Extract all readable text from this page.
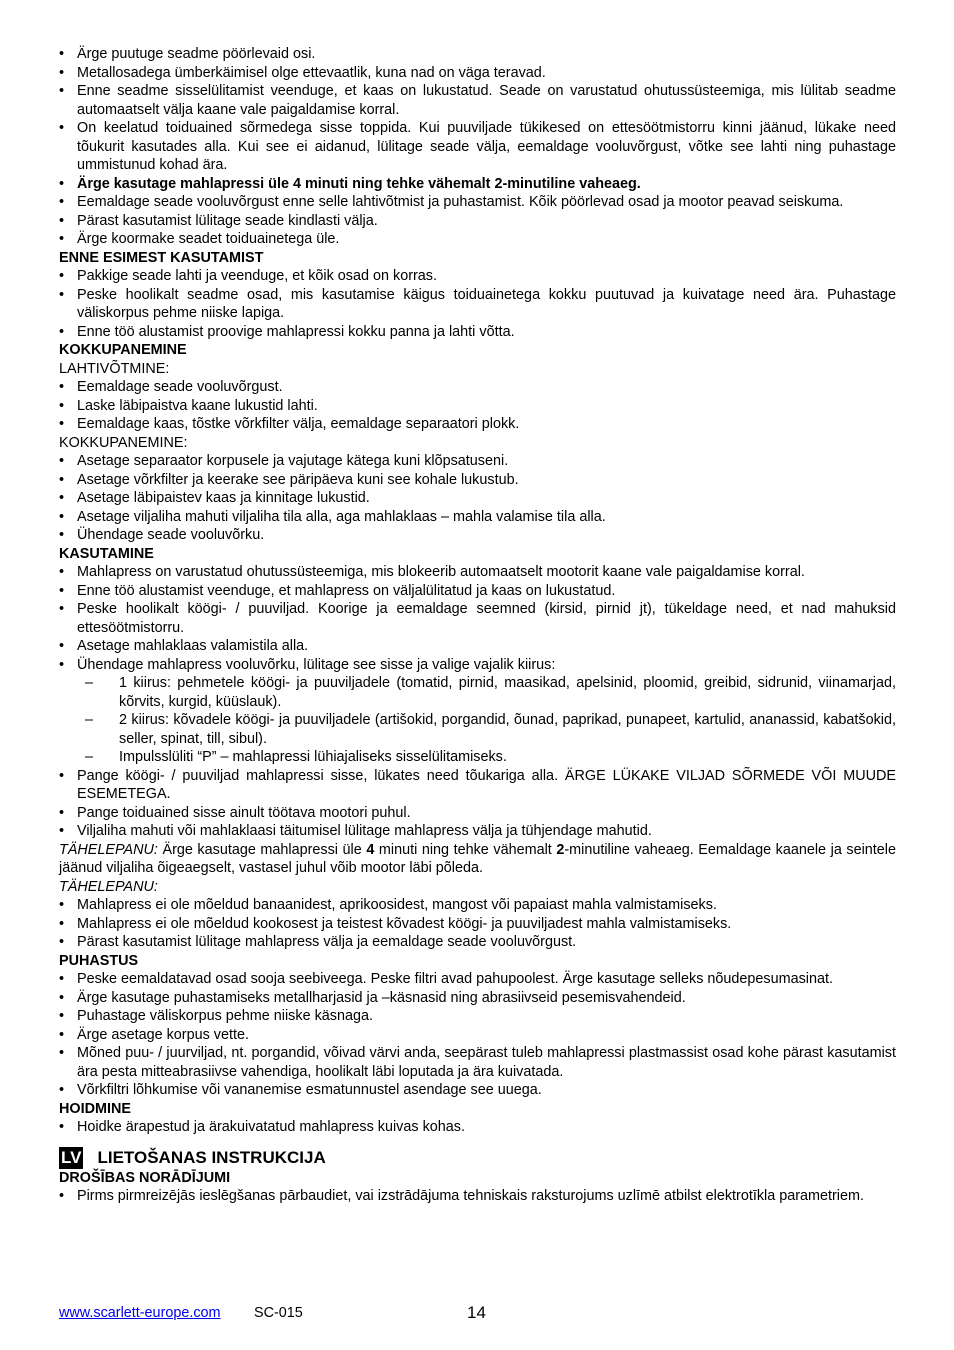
• Ärge puutuge seadme pöörlevaid osi.
• Metallosadega ümberkäimisel olge ettevaatlik, kuna nad on väga teravad.
• Enne seadme sisselülitamist veenduge, et kaas on lukustatud. Seade on varustatud ohutussüsteemiga, mis lülitab seadme automaatselt välja kaane vale paigaldamise korral.
• On keelatud toiduained sõrmedega sisse toppida. Kui puuviljade tükikesed on ettesöötmistorru kinni jäänud, lükake need tõukurit kasutades alla. Kui see ei aidanud, lülitage seade välja, eemaldage vooluvõrgust, võtke see lahti ning puhastage ummistunud kohad ära.
• Ärge kasutage mahlapressi üle 4 minuti ning tehke vähemalt 2-minutiline vaheaeg.
• Eemaldage seade vooluvõrgust enne selle lahtivõtmist ja puhastamist. Kõik pöörlevad osad ja mootor peavad seiskuma.
• Pärast kasutamist lülitage seade kindlasti välja.
• Ärge koormake seadet toiduainetega üle.
ENNE ESIMEST KASUTAMIST
• Pakkige seade lahti ja veenduge, et kõik osad on korras.
• Peske hoolikalt seadme osad, mis kasutamise käigus toiduainetega kokku puutuvad ja kuivatage need ära. Puhastage väliskorpus pehme niiske lapiga.
• Enne töö alustamist proovige mahlapressi kokku panna ja lahti võtta.
KOKKUPANEMINE
LAHTIVÕTMINE:
• Eemaldage seade vooluvõrgust.
• Laske läbipaistva kaane lukustid lahti.
• Eemaldage kaas, tõstke võrkfilter välja, eemaldage separaatori plokk.
KOKKUPANEMINE:
• Asetage separaator korpusele ja vajutage kätega kuni klõpsatuseni.
• Asetage võrkfilter ja keerake see päripäeva kuni see kohale lukustub.
• Asetage läbipaistev kaas ja kinnitage lukustid.
• Asetage viljaliha mahuti viljaliha tila alla, aga mahlaklaas – mahla valamise tila alla.
• Ühendage seade vooluvõrku.
KASUTAMINE
• Mahlapress on varustatud ohutussüsteemiga, mis blokeerib automaatselt mootorit kaane vale paigaldamise korral.
• Enne töö alustamist veenduge, et mahlapress on väljalülitatud ja kaas on lukustatud.
• Peske hoolikalt köögi- / puuviljad. Koorige ja eemaldage seemned (kirsid, pirnid jt), tükeldage need, et nad mahuksid ettesöötmistorru.
• Asetage mahlaklaas valamistila alla.
• Ühendage mahlapress vooluvõrku, lülitage see sisse ja valige vajalik kiirus:
–	1 kiirus: pehmetele köögi- ja puuviljadele (tomatid, pirnid, maasikad, apelsinid, ploomid, greibid, sidrunid, viinamarjad, kõrvits, kurgid, küüslauk).
–	2 kiirus: kõvadele köögi- ja puuviljadele (artišokid, porgandid, õunad, paprikad, punapeet, kartulid, ananassid, kabatšokid, seller, spinat, till, sibul).
–	Impulsslüliti “P” – mahlapressi lühiajaliseks sisselülitamiseks.
• Pange köögi- / puuviljad mahlapressi sisse, lükates need tõukariga alla. ÄRGE LÜKAKE VILJAD SÕRMEDE VÕI MUUDE ESEMETEGA.
• Pange toiduained sisse ainult töötava mootori puhul.
• Viljaliha mahuti või mahlaklaasi täitumisel lülitage mahlapress välja ja tühjendage mahutid.
TÄHELEPANU: Ärge kasutage mahlapressi üle 4 minuti ning tehke vähemalt 2-minutiline vaheaeg. Eemaldage kaanele ja seintele jäänud viljaliha õigeaegselt, vastasel juhul võib mootor läbi põleda.
TÄHELEPANU:
• Mahlapress ei ole mõeldud banaanidest, aprikoosidest, mangost või papaiast mahla valmistamiseks.
• Mahlapress ei ole mõeldud kookosest ja teistest kõvadest köögi- ja puuviljadest mahla valmistamiseks.
• Pärast kasutamist lülitage mahlapress välja ja eemaldage seade vooluvõrgust.
PUHASTUS
• Peske eemaldatavad osad sooja seebiveega. Peske filtri avad pahupoolest. Ärge kasutage selleks nõudepesumasinat.
• Ärge kasutage puhastamiseks metallharjasid ja –käsnasid ning abrasiivseid pesemisvahendeid.
• Puhastage väliskorpus pehme niiske käsnaga.
• Ärge asetage korpus vette.
• Mõned puu- / juurviljad, nt. porgandid, võivad värvi anda, seepärast tuleb mahlapressi plastmassist osad kohe pärast kasutamist ära pesta mitteabrasiivse vahendiga, hoolikalt läbi loputada ja ära kuivatada.
• Võrkfiltri lõhkumise või vananemise esmatunnustel asendage see uuega.
HOIDMINE
• Hoidke ärapestud ja ärakuivatatud mahlapress kuivas kohas.
LV LIETOŠANAS INSTRUKCIJA
DROŠĪBAS NORĀDĪJUMI
• Pirms pirmreizējās ieslēgšanas pārbaudiet, vai izstrādājuma tehniskais raksturojums uzlīmē atbilst elektrotīkla parametriem.
www.scarlett-europe.com SC-015	14
